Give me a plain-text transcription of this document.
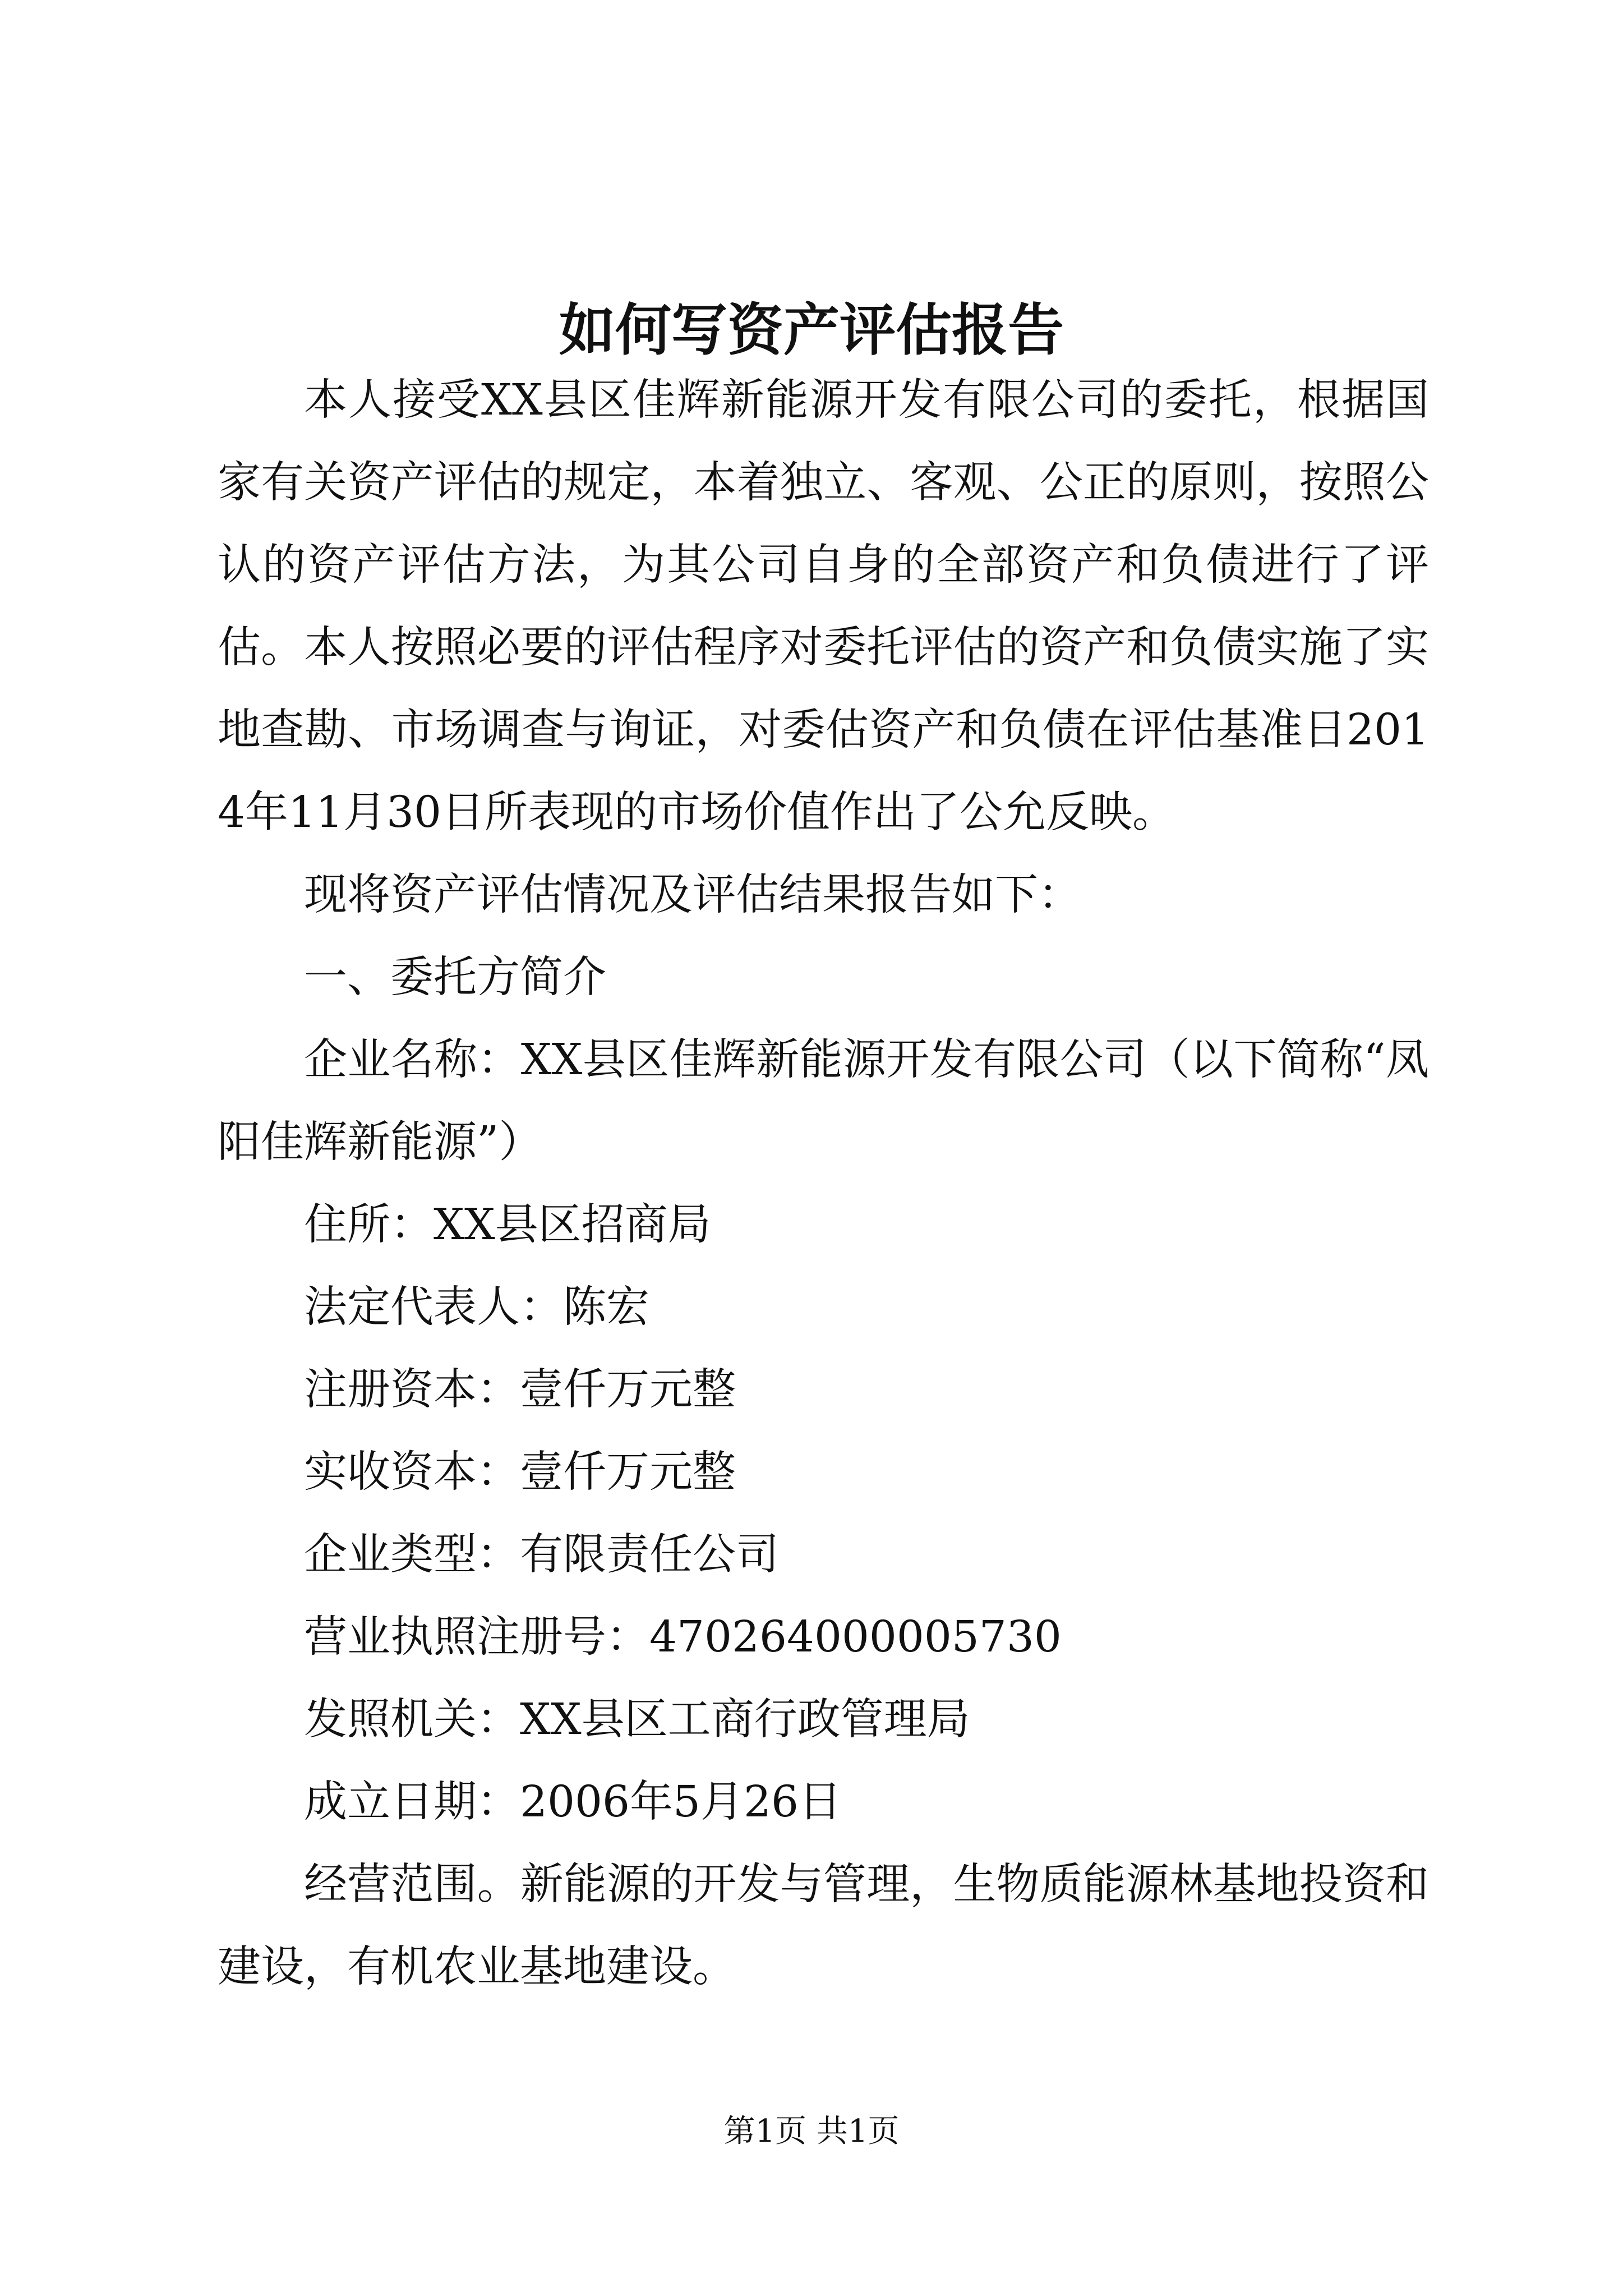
如何写资产评估报告

本人接受XX县区佳辉新能源开发有限公司的委托，根据国家有关资产评估的规定，本着独立、客观、公正的原则，按照公认的资产评估方法，为其公司自身的全部资产和负债进行了评估。本人按照必要的评估程序对委托评估的资产和负债实施了实地查勘、市场调查与询证，对委估资产和负债在评估基准日2014年11月30日所表现的市场价值作出了公允反映。

现将资产评估情况及评估结果报告如下：

一、委托方简介

企业名称：XX县区佳辉新能源开发有限公司（以下简称“凤阳佳辉新能源”）

住所：XX县区招商局

法定代表人：陈宏

注册资本：壹仟万元整

实收资本：壹仟万元整

企业类型：有限责任公司

营业执照注册号：470264000005730

发照机关：XX县区工商行政管理局

成立日期：2006年5月26日

经营范围。新能源的开发与管理，生物质能源林基地投资和建设，有机农业基地建设。

第1页 共1页
